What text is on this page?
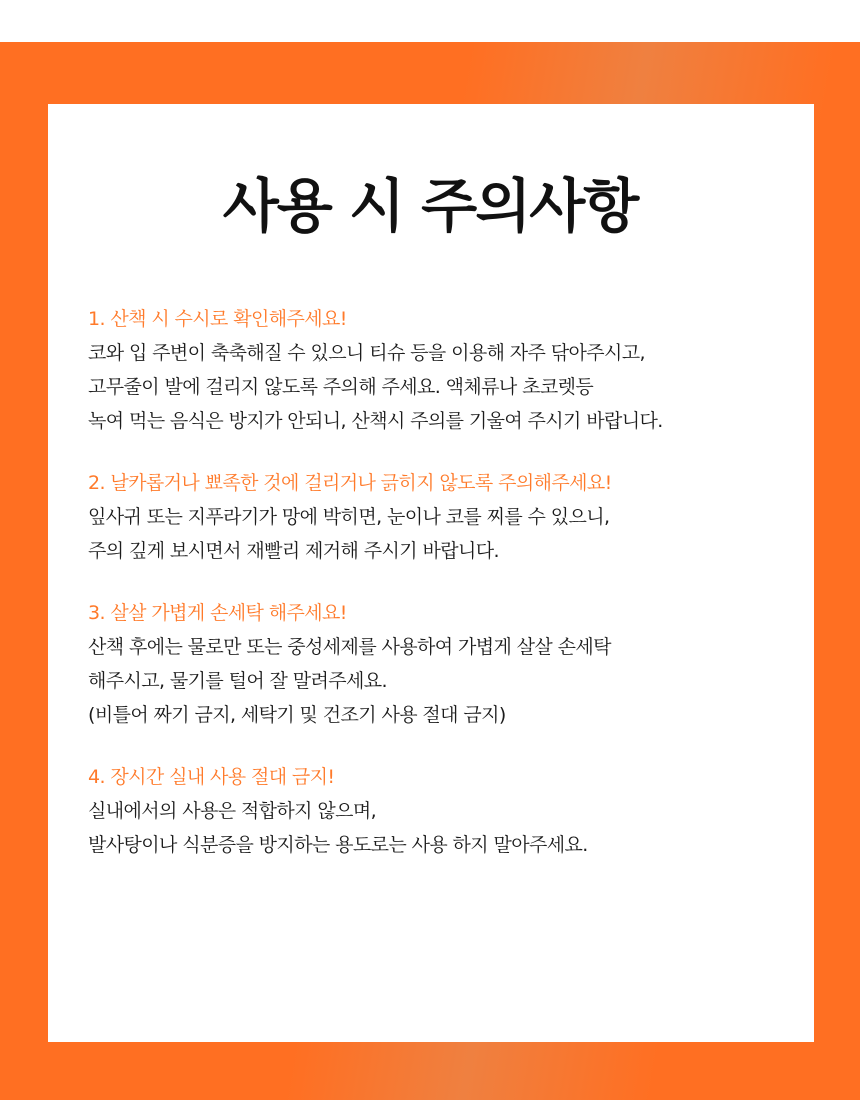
사용 시 주의사항

1. 산책 시 수시로 확인해주세요!

코와 입 주변이 축축해질 수 있으니 티슈 등을 이용해 자주 닦아주시고,

고무줄이 발에 걸리지 않도록 주의해 주세요. 액체류나 초코렛등

녹여 먹는 음식은 방지가 안되니, 산책시 주의를 기울여 주시기 바랍니다.

2. 날카롭거나 뾰족한 것에 걸리거나 긁히지 않도록 주의해주세요!

잎사귀 또는 지푸라기가 망에 박히면, 눈이나 코를 찌를 수 있으니,

주의 깊게 보시면서 재빨리 제거해 주시기 바랍니다.

3. 살살 가볍게 손세탁 해주세요!

산책 후에는 물로만 또는 중성세제를 사용하여 가볍게 살살 손세탁

해주시고, 물기를 털어 잘 말려주세요.

(비틀어 짜기 금지, 세탁기 및 건조기 사용 절대 금지)

4. 장시간 실내 사용 절대 금지!

실내에서의 사용은 적합하지 않으며,

발사탕이나 식분증을 방지하는 용도로는 사용 하지 말아주세요.
